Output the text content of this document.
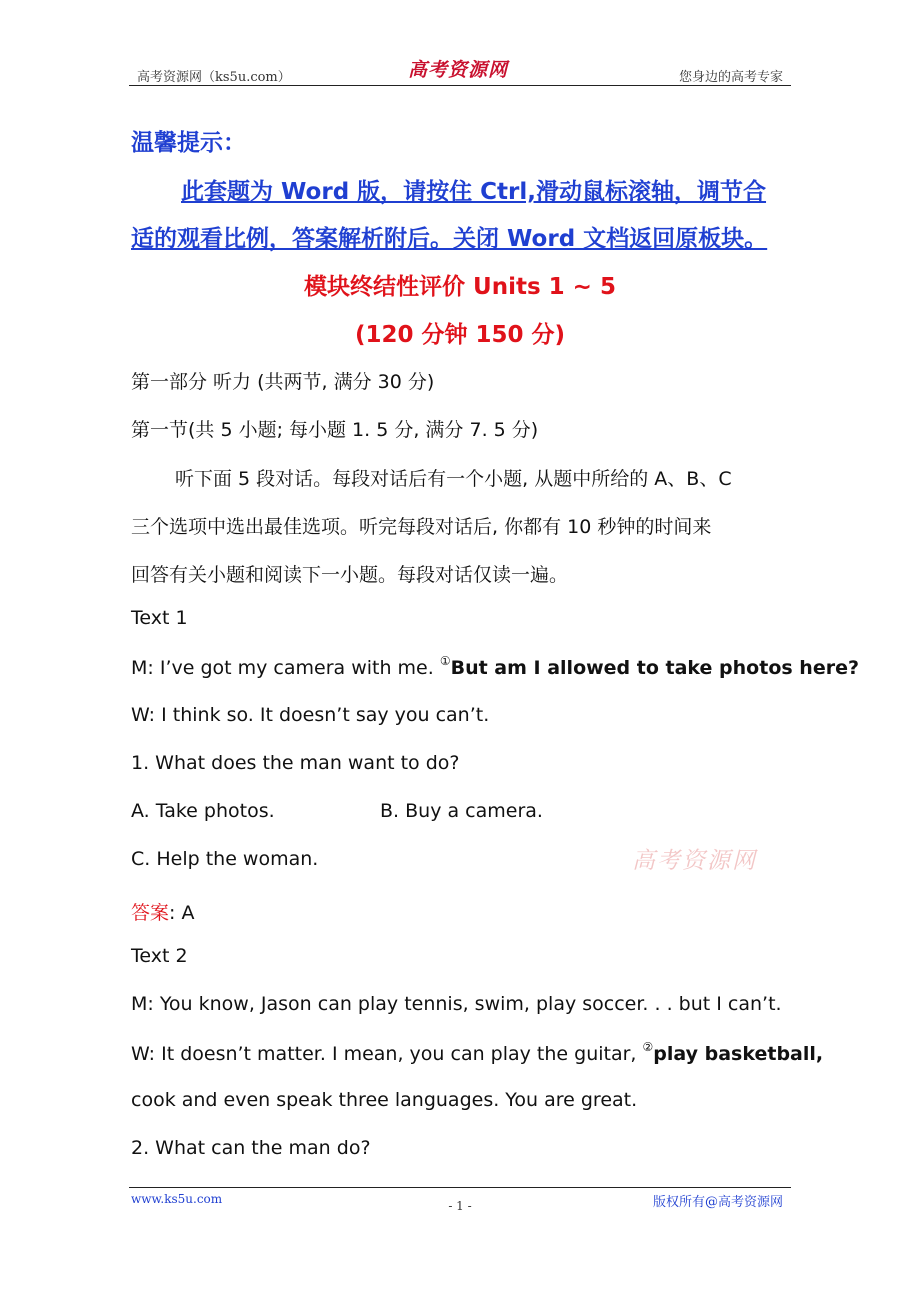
高考资源网（ks5u.com）	高考资源网	您身边的高考专家
温馨提示：
此套题为 Word 版，请按住 Ctrl,滑动鼠标滚轴，调节合
适的观看比例，答案解析附后。关闭 Word 文档返回原板块。
模块终结性评价 Units 1 ~ 5
(120 分钟 150 分)
第一部分 听力 (共两节, 满分 30 分)
第一节(共 5 小题; 每小题 1. 5 分, 满分 7. 5 分)
听下面 5 段对话。每段对话后有一个小题, 从题中所给的 A、B、C
三个选项中选出最佳选项。听完每段对话后, 你都有 10 秒钟的时间来
回答有关小题和阅读下一小题。每段对话仅读一遍。
Text 1
M: I’ve got my camera with me. ①But am I allowed to take photos here?
W: I think so. It doesn’t say you can’t.
1. What does the man want to do?
A. Take photos.	B. Buy a camera.
C. Help the woman.	高考资源网
答案: A
Text 2
M: You know, Jason can play tennis, swim, play soccer. . . but I can’t.
W: It doesn’t matter. I mean, you can play the guitar, ②play basketball,
cook and even speak three languages. You are great.
2. What can the man do?
www.ks5u.com	- 1 -	版权所有@高考资源网
